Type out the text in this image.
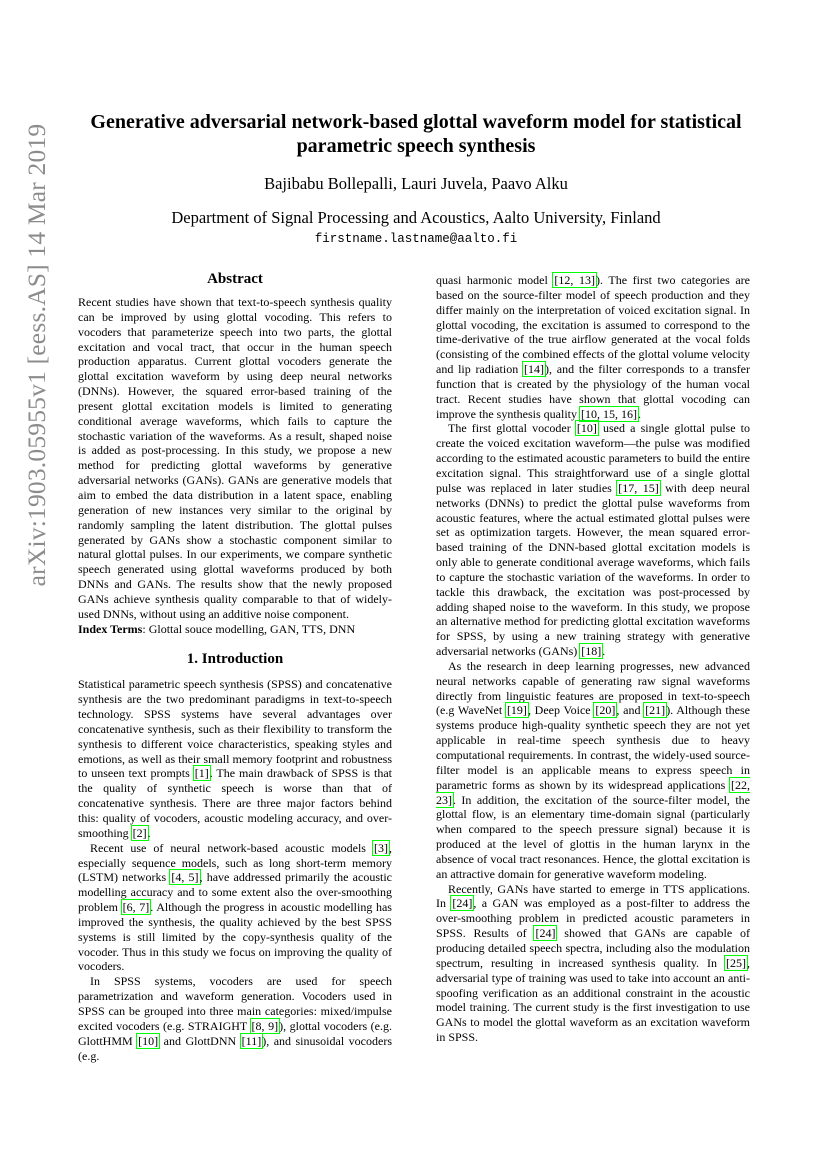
arXiv:1903.05955v1 [eess.AS] 14 Mar 2019
Generative adversarial network-based glottal waveform model for statistical parametric speech synthesis
Bajibabu Bollepalli, Lauri Juvela, Paavo Alku
Department of Signal Processing and Acoustics, Aalto University, Finland
firstname.lastname@aalto.fi
Abstract

Recent studies have shown that text-to-speech synthesis quality can be improved by using glottal vocoding. This refers to vocoders that parameterize speech into two parts, the glottal excitation and vocal tract, that occur in the human speech production apparatus. Current glottal vocoders generate the glottal excitation waveform by using deep neural networks (DNNs). However, the squared error-based training of the present glottal excitation models is limited to generating conditional average waveforms, which fails to capture the stochastic variation of the waveforms. As a result, shaped noise is added as post-processing. In this study, we propose a new method for predicting glottal waveforms by generative adversarial networks (GANs). GANs are generative models that aim to embed the data distribution in a latent space, enabling generation of new instances very similar to the original by randomly sampling the latent distribution. The glottal pulses generated by GANs show a stochastic component similar to natural glottal pulses. In our experiments, we compare synthetic speech generated using glottal waveforms produced by both DNNs and GANs. The results show that the newly proposed GANs achieve synthesis quality comparable to that of widely-used DNNs, without using an additive noise component.

Index Terms: Glottal souce modelling, GAN, TTS, DNN

1. Introduction

Statistical parametric speech synthesis (SPSS) and concatenative synthesis are the two predominant paradigms in text-to-speech technology. SPSS systems have several advantages over concatenative synthesis, such as their flexibility to transform the synthesis to different voice characteristics, speaking styles and emotions, as well as their small memory footprint and robustness to unseen text prompts [1]. The main drawback of SPSS is that the quality of synthetic speech is worse than that of concatenative synthesis. There are three major factors behind this: quality of vocoders, acoustic modeling accuracy, and over-smoothing [2].

Recent use of neural network-based acoustic models [3], especially sequence models, such as long short-term memory (LSTM) networks [4, 5], have addressed primarily the acoustic modelling accuracy and to some extent also the over-smoothing problem [6, 7]. Although the progress in acoustic modelling has improved the synthesis, the quality achieved by the best SPSS systems is still limited by the copy-synthesis quality of the vocoder. Thus in this study we focus on improving the quality of vocoders.

In SPSS systems, vocoders are used for speech parametrization and waveform generation. Vocoders used in SPSS can be grouped into three main categories: mixed/impulse excited vocoders (e.g. STRAIGHT [8, 9]), glottal vocoders (e.g. GlottHMM [10] and GlottDNN [11]), and sinusoidal vocoders (e.g.

quasi harmonic model [12, 13]). The first two categories are based on the source-filter model of speech production and they differ mainly on the interpretation of voiced excitation signal. In glottal vocoding, the excitation is assumed to correspond to the time-derivative of the true airflow generated at the vocal folds (consisting of the combined effects of the glottal volume velocity and lip radiation [14]), and the filter corresponds to a transfer function that is created by the physiology of the human vocal tract. Recent studies have shown that glottal vocoding can improve the synthesis quality [10, 15, 16].

The first glottal vocoder [10] used a single glottal pulse to create the voiced excitation waveform—the pulse was modified according to the estimated acoustic parameters to build the entire excitation signal. This straightforward use of a single glottal pulse was replaced in later studies [17, 15] with deep neural networks (DNNs) to predict the glottal pulse waveforms from acoustic features, where the actual estimated glottal pulses were set as optimization targets. However, the mean squared error-based training of the DNN-based glottal excitation models is only able to generate conditional average waveforms, which fails to capture the stochastic variation of the waveforms. In order to tackle this drawback, the excitation was post-processed by adding shaped noise to the waveform. In this study, we propose an alternative method for predicting glottal excitation waveforms for SPSS, by using a new training strategy with generative adversarial networks (GANs) [18].

As the research in deep learning progresses, new advanced neural networks capable of generating raw signal waveforms directly from linguistic features are proposed in text-to-speech (e.g WaveNet [19], Deep Voice [20], and [21]). Although these systems produce high-quality synthetic speech they are not yet applicable in real-time speech synthesis due to heavy computational requirements. In contrast, the widely-used source-filter model is an applicable means to express speech in parametric forms as shown by its widespread applications [22, 23]. In addition, the excitation of the source-filter model, the glottal flow, is an elementary time-domain signal (particularly when compared to the speech pressure signal) because it is produced at the level of glottis in the human larynx in the absence of vocal tract resonances. Hence, the glottal excitation is an attractive domain for generative waveform modeling.

Recently, GANs have started to emerge in TTS applications. In [24], a GAN was employed as a post-filter to address the over-smoothing problem in predicted acoustic parameters in SPSS. Results of [24] showed that GANs are capable of producing detailed speech spectra, including also the modulation spectrum, resulting in increased synthesis quality. In [25], adversarial type of training was used to take into account an anti-spoofing verification as an additional constraint in the acoustic model training. The current study is the first investigation to use GANs to model the glottal waveform as an excitation waveform in SPSS.
